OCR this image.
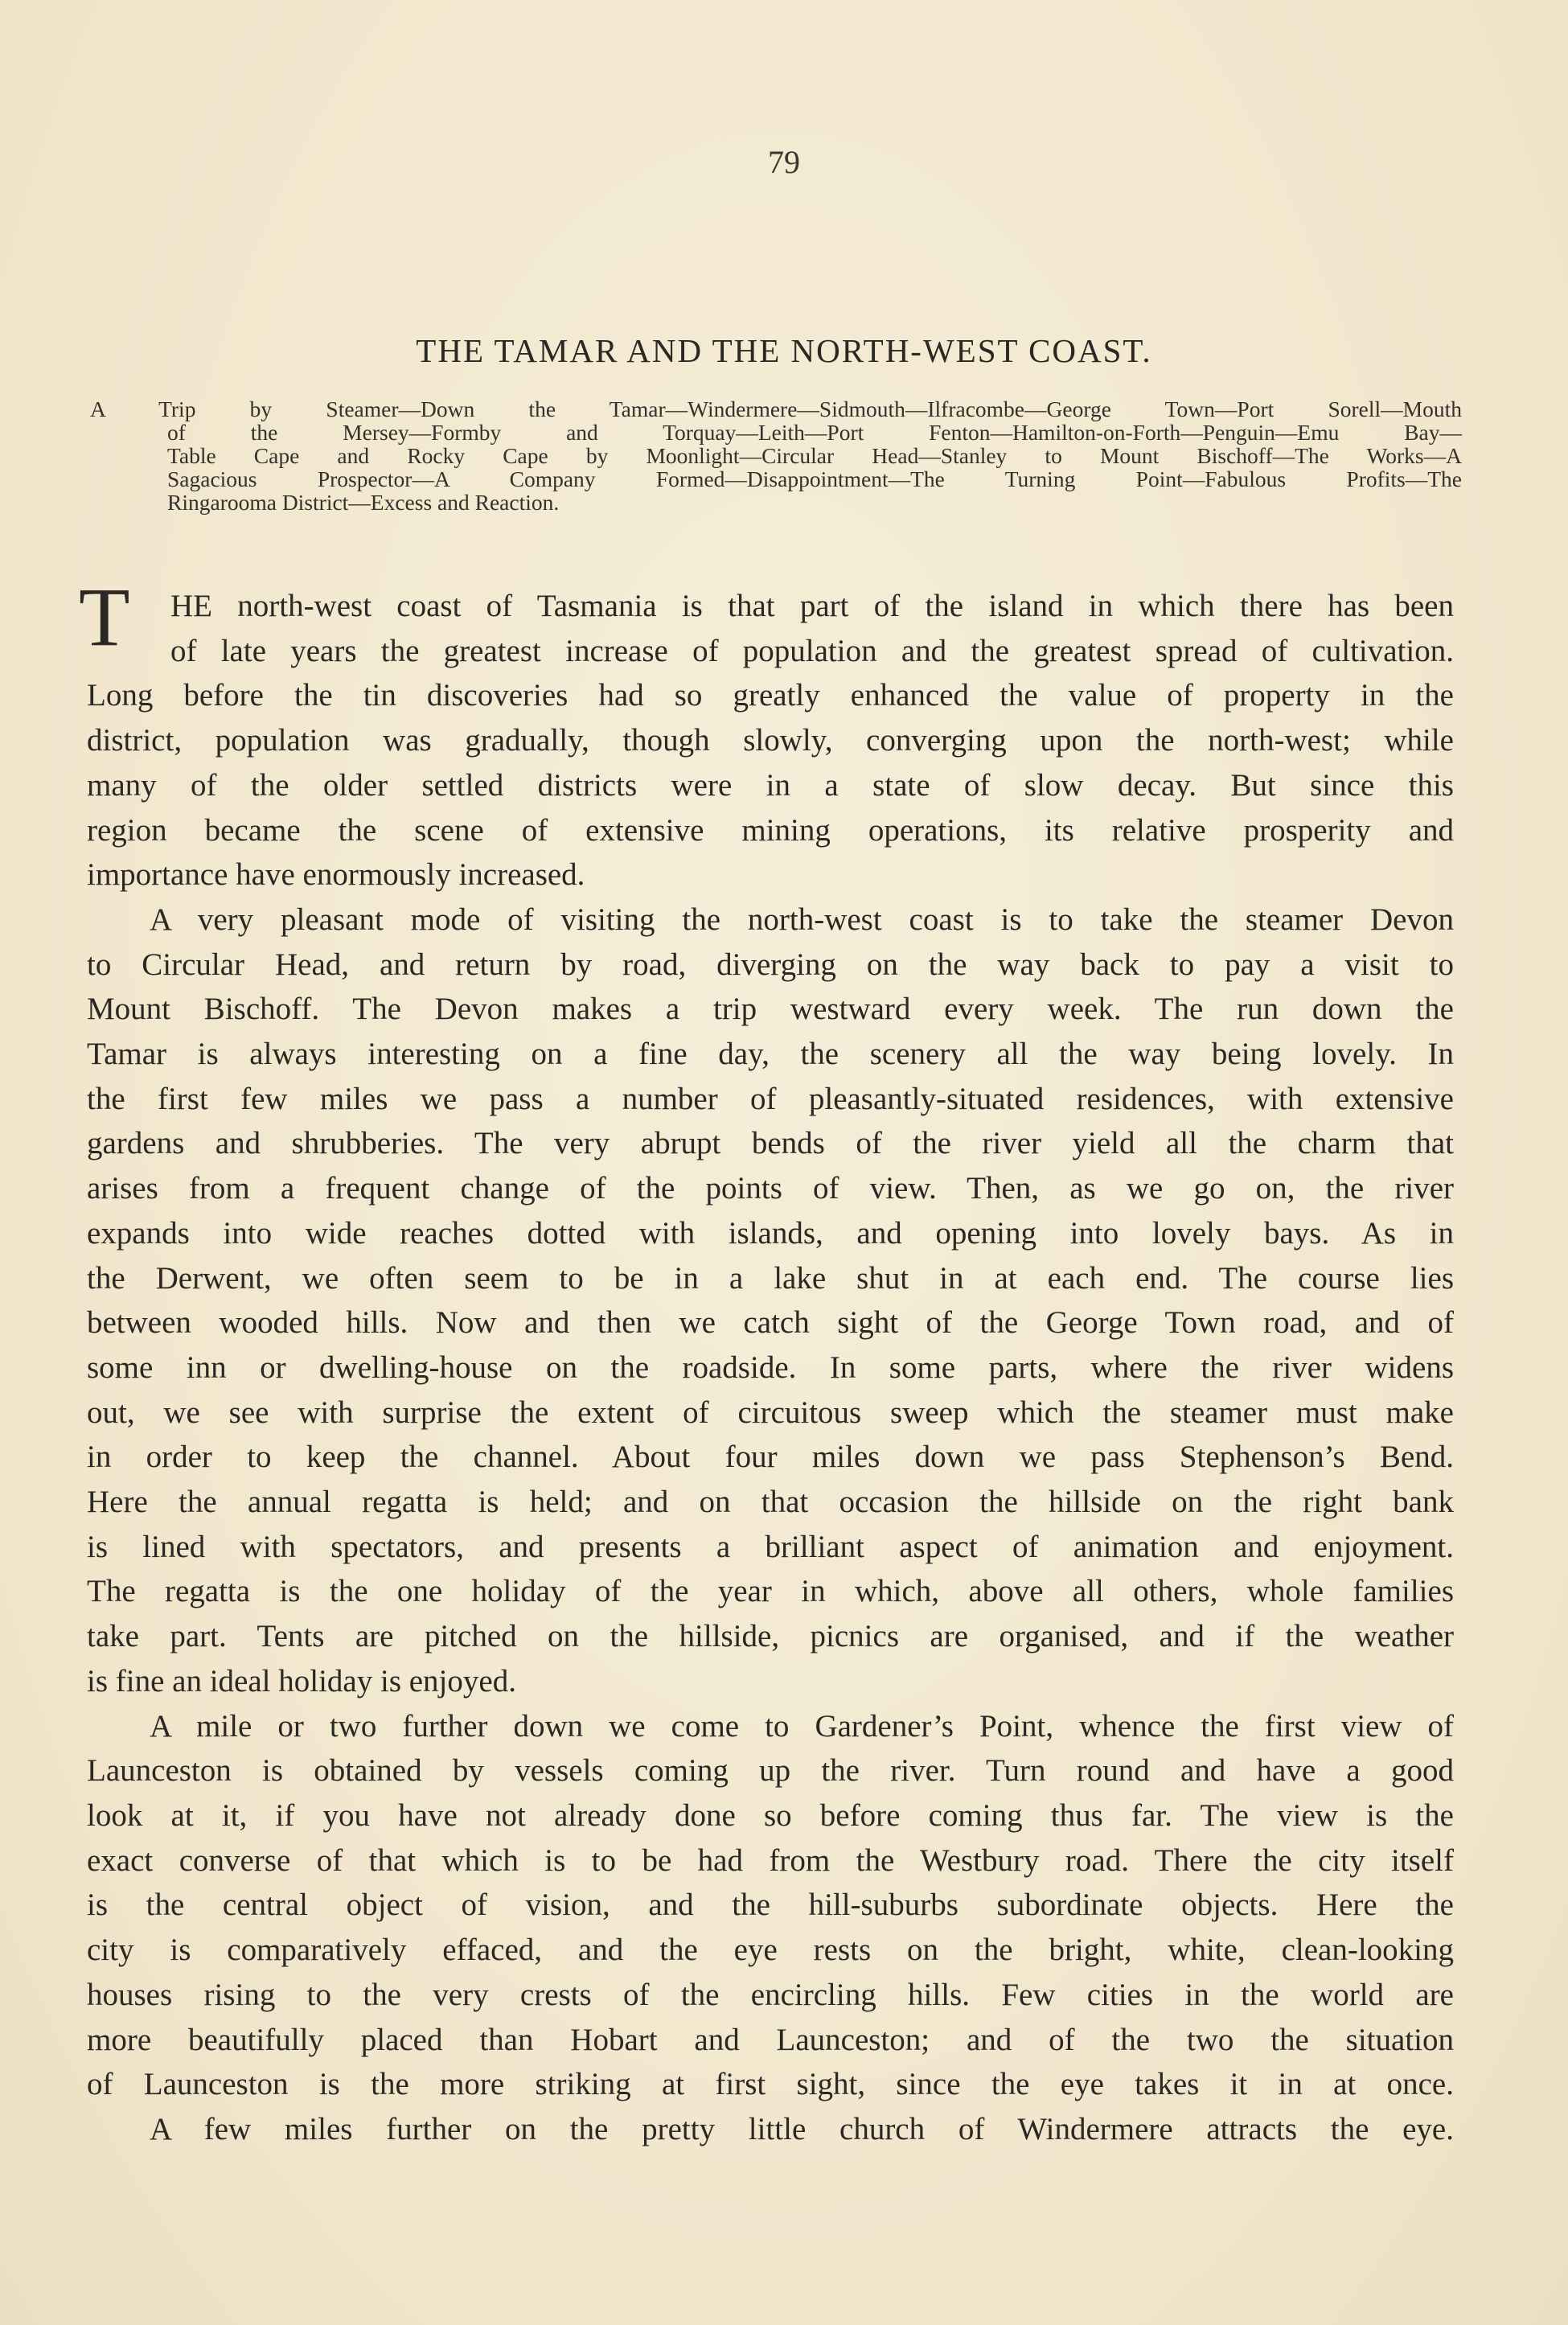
79
THE TAMAR AND THE NORTH-WEST COAST.
A Trip by Steamer—Down the Tamar—Windermere—Sidmouth—Ilfracombe—George Town—Port Sorell—Mouth
of the Mersey—Formby and Torquay—Leith—Port Fenton—Hamilton-on-Forth—Penguin—Emu Bay—
Table Cape and Rocky Cape by Moonlight—Circular Head—Stanley to Mount Bischoff—The Works—A
Sagacious Prospector—A Company Formed—Disappointment—The Turning Point—Fabulous Profits—The
Ringarooma District—Excess and Reaction.
T	HE north-west coast of Tasmania is that part of the island in which there has been
of late years the greatest increase of population and the greatest spread of cultivation.
Long before the tin discoveries had so greatly enhanced the value of property in the
district, population was gradually, though slowly, converging upon the north-west; while
many of the older settled districts were in a state of slow decay. But since this
region became the scene of extensive mining operations, its relative prosperity and
importance have enormously increased.
A very pleasant mode of visiting the north-west coast is to take the steamer Devon
to Circular Head, and return by road, diverging on the way back to pay a visit to
Mount Bischoff. The Devon makes a trip westward every week. The run down the
Tamar is always interesting on a fine day, the scenery all the way being lovely. In
the first few miles we pass a number of pleasantly-situated residences, with extensive
gardens and shrubberies. The very abrupt bends of the river yield all the charm that
arises from a frequent change of the points of view. Then, as we go on, the river
expands into wide reaches dotted with islands, and opening into lovely bays. As in
the Derwent, we often seem to be in a lake shut in at each end. The course lies
between wooded hills. Now and then we catch sight of the George Town road, and of
some inn or dwelling-house on the roadside. In some parts, where the river widens
out, we see with surprise the extent of circuitous sweep which the steamer must make
in order to keep the channel. About four miles down we pass Stephenson’s Bend.
Here the annual regatta is held; and on that occasion the hillside on the right bank
is lined with spectators, and presents a brilliant aspect of animation and enjoyment.
The regatta is the one holiday of the year in which, above all others, whole families
take part. Tents are pitched on the hillside, picnics are organised, and if the weather
is fine an ideal holiday is enjoyed.
A mile or two further down we come to Gardener’s Point, whence the first view of
Launceston is obtained by vessels coming up the river. Turn round and have a good
look at it, if you have not already done so before coming thus far. The view is the
exact converse of that which is to be had from the Westbury road. There the city itself
is the central object of vision, and the hill-suburbs subordinate objects. Here the
city is comparatively effaced, and the eye rests on the bright, white, clean-looking
houses rising to the very crests of the encircling hills. Few cities in the world are
more beautifully placed than Hobart and Launceston; and of the two the situation
of Launceston is the more striking at first sight, since the eye takes it in at once.
A few miles further on the pretty little church of Windermere attracts the eye.
